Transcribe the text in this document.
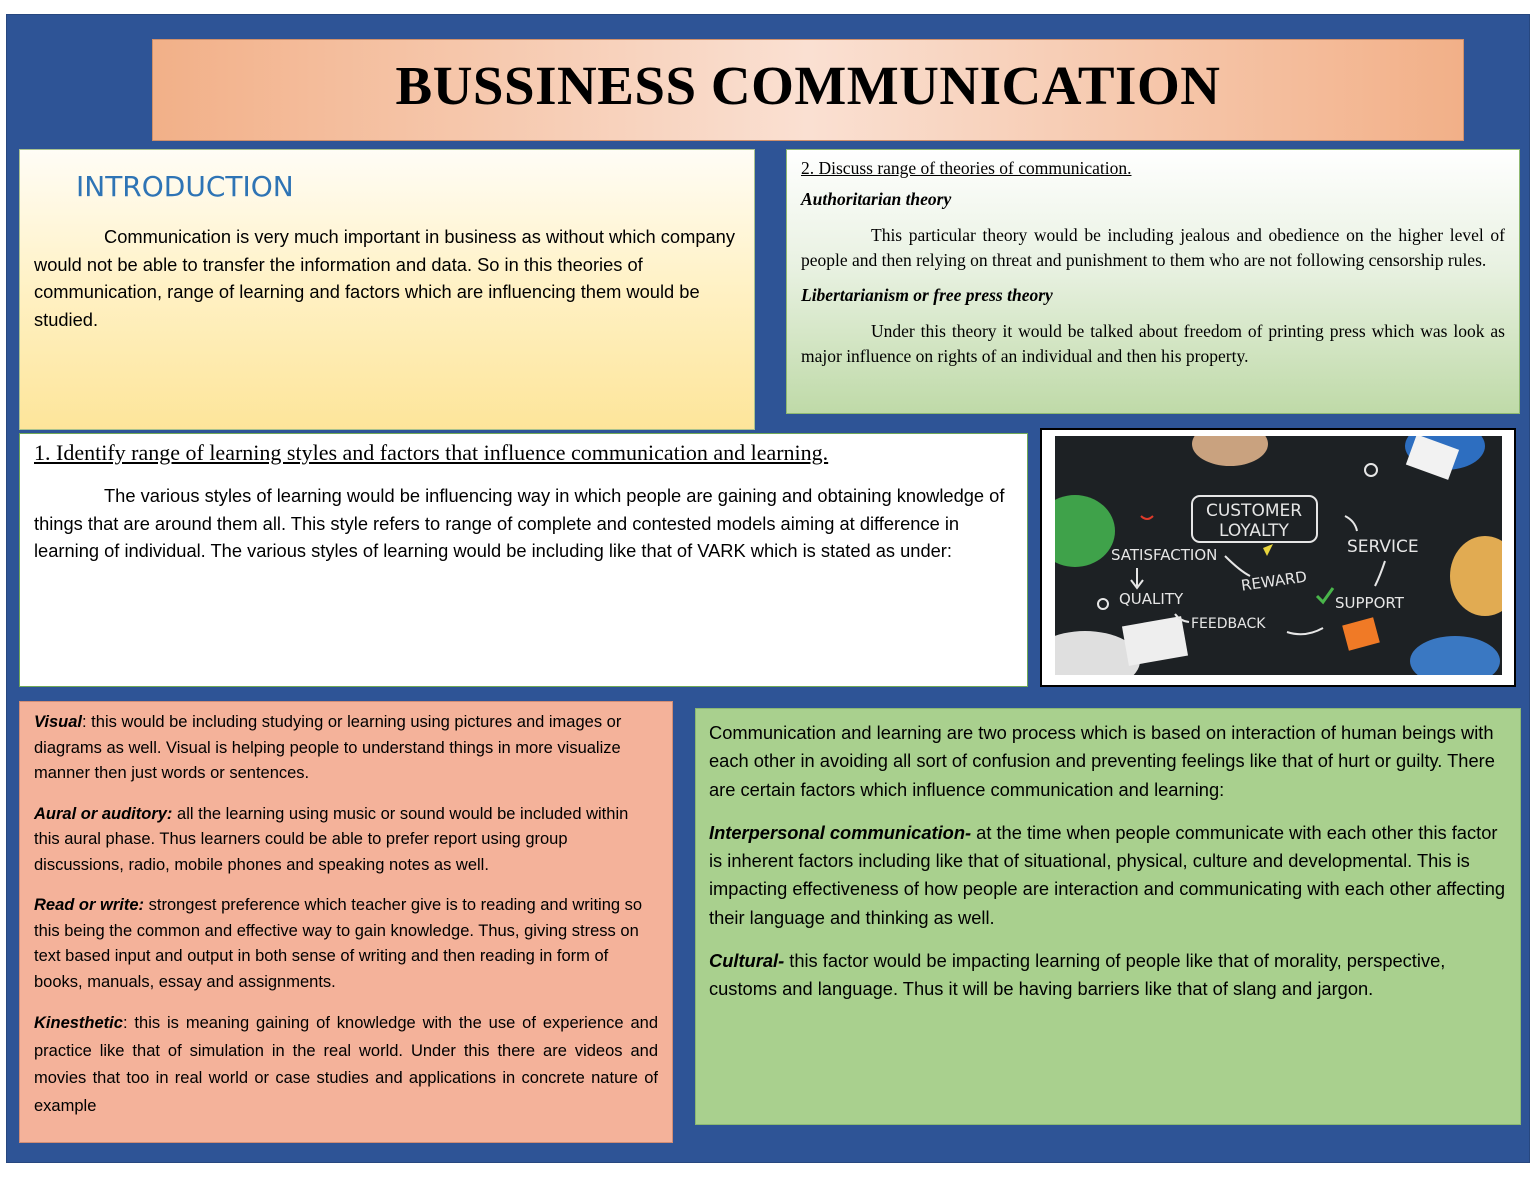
BUSSINESS COMMUNICATION
INTRODUCTION

Communication is very much important in business as without which company would not be able to transfer the information and data. So in this theories of communication, range of learning and factors which are influencing them would be studied.

2. Discuss range of theories of communication.

Authoritarian theory

This particular theory would be including jealous and obedience on the higher level of people and then relying on threat and punishment to them who are not following censorship rules.

Libertarianism or free press theory

Under this theory it would be talked about freedom of printing press which was look as major influence on rights of an individual and then his property.

1. Identify range of learning styles and factors that influence communication and learning.

The various styles of learning would be influencing way in which people are gaining and obtaining knowledge of things that are around them all. This style refers to range of complete and contested models aiming at difference in learning of individual. The various styles of learning would be including like that of VARK which is stated as under:

CUSTOMER
LOYALTY
SATISFACTION
REWARD
SERVICE
QUALITY
FEEDBACK
SUPPORT

Visual: this would be including studying or learning using pictures and images or diagrams as well. Visual is helping people to understand things in more visualize manner then just words or sentences.

Aural or auditory: all the learning using music or sound would be included within this aural phase. Thus learners could be able to prefer report using group discussions, radio, mobile phones and speaking notes as well.

Read or write: strongest preference which teacher give is to reading and writing so this being the common and effective way to gain knowledge. Thus, giving stress on text based input and output in both sense of writing and then reading in form of books, manuals, essay and assignments.

Kinesthetic: this is meaning gaining of knowledge with the use of experience and practice like that of simulation in the real world. Under this there are videos and movies that too in real world or case studies and applications in concrete nature of example

Communication and learning are two process which is based on interaction of human beings with each other in avoiding all sort of confusion and preventing feelings like that of hurt or guilty. There are certain factors which influence communication and learning:

Interpersonal communication- at the time when people communicate with each other this factor is inherent factors including like that of situational, physical, culture and developmental. This is impacting effectiveness of how people are interaction and communicating with each other affecting their language and thinking as well.

Cultural- this factor would be impacting learning of people like that of morality, perspective, customs and language. Thus it will be having barriers like that of slang and jargon.
